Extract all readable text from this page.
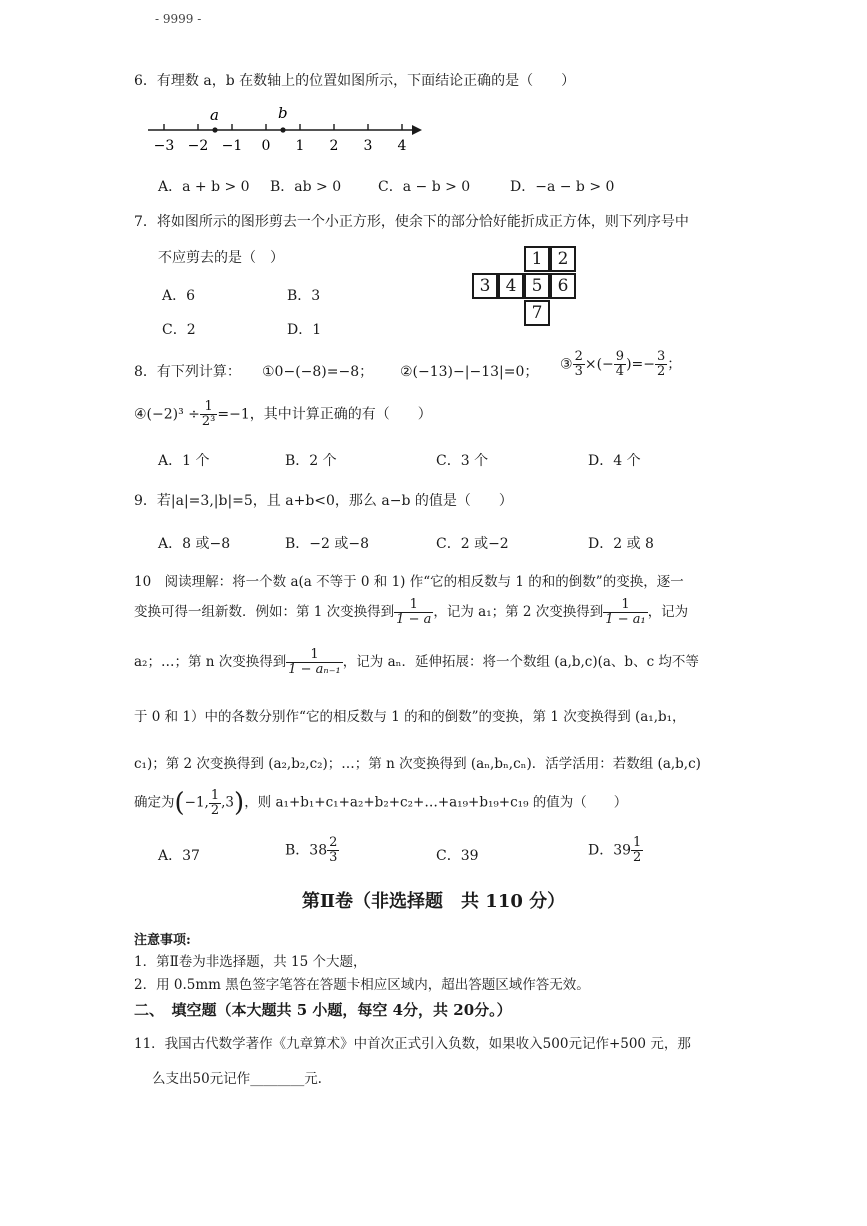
- 9999 -
6．有理数 a，b 在数轴上的位置如图所示，下面结论正确的是（　　）
−3 −2 −1 0 1 2 3 4
a	b
A．a + b > 0 B．ab > 0	C．a − b > 0	D．−a − b > 0
7．将如图所示的图形剪去一个小正方形，使余下的部分恰好能折成正方体，则下列序号中
不应剪去的是（　）
A．6	B．3
C．2	D．1
1 2
3 4 5 6
7
8．有下列计算： ①0−(−8)=−8； ②(−13)−|−13|=0； ③ $\frac{2}{3}$ ×(− $\frac{9}{4}$ )=− $\frac{3}{2}$ ；
④(−2)³ ÷ $\frac{1}{\text{2³}} =-1$，其中计算正确的有（　　）
A．1 个	B．2 个	C．3 个	D．4 个
9．若|a|=3,|b|=5，且 a+b<0，那么 a−b 的值是（　　）
A．8 或−8	B．−2 或−8	C．2 或−2	D．2 或 8
10　阅读理解：将一个数 a(a 不等于 0 和 1) 作“它的相反数与 1 的和的倒数”的变换，逐一
变换可得一组新数．例如：第 1 次变换得到 $\frac{1}{1 - a}$ ，记为 a₁；第 2 次变换得到 $\frac{1}{\text{1 − a₁}}$ ，记为
a₂；…；第 n 次变换得到 $\frac{1}{\text{1 − aₙ₋₁}}$ ，记为 aₙ．延伸拓展：将一个数组 (a,b,c)(a、b、c 均不等
于 0 和 1）中的各数分别作“它的相反数与 1 的和的倒数”的变换，第 1 次变换得到 (a₁,b₁，
c₁)；第 2 次变换得到 (a₂,b₂,c₂)；…；第 n 次变换得到 (aₙ,bₙ,cₙ)．活学活用：若数组 (a,b,c)
确定为(−1, $\frac{1}{2} ,3$)，则 a₁+b₁+c₁+a₂+b₂+c₂+…+a₁₉+b₁₉+c₁₉ 的值为（　　）
A．37	B．$38 \frac{2}{3}$	C．39	D．$39 \frac{1}{2}$
第Ⅱ卷（非选择题　共 110 分）
注意事项:
1．第Ⅱ卷为非选择题，共 15 个大题，
2．用 0.5mm 黑色签字笔答在答题卡相应区域内，超出答题区域作答无效。
二、　填空题（本大题共 5 小题，每空 4分，共 20分。）
11．我国古代数学著作《九章算术》中首次正式引入负数，如果收入500元记作+500 元，那
么支出50元记作________元.
